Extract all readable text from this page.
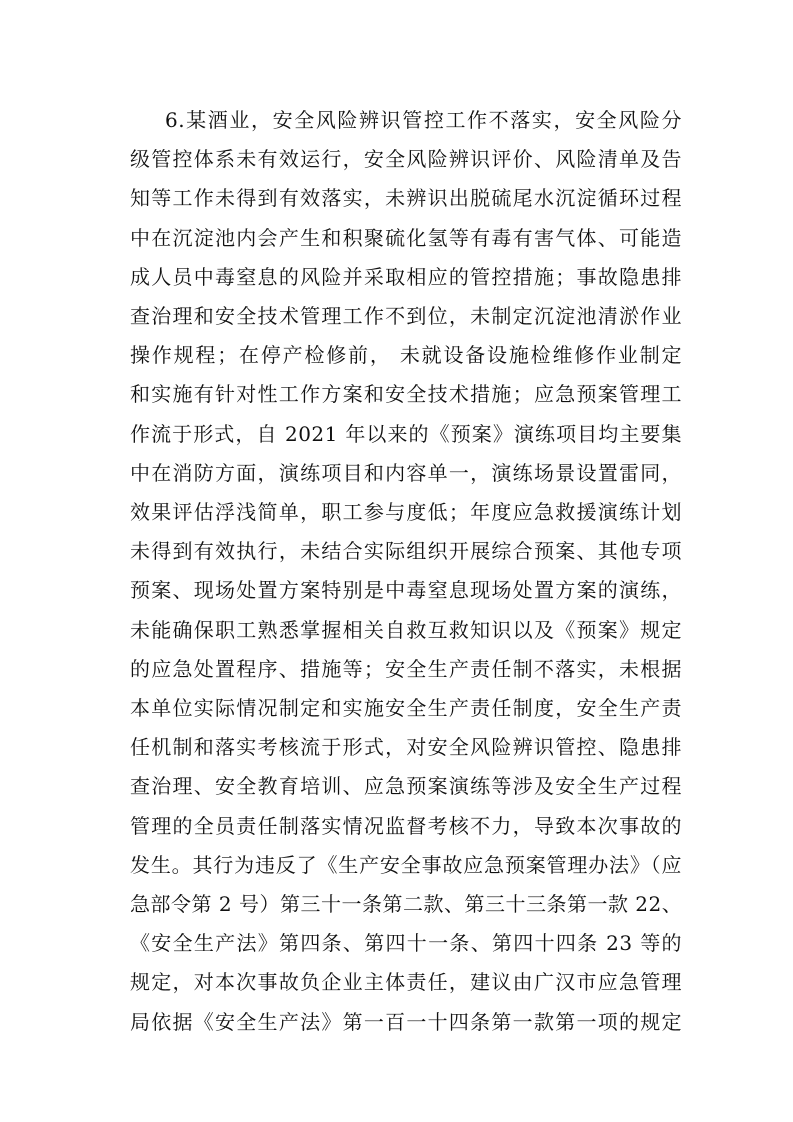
6.某酒业，安全风险辨识管控工作不落实，安全风险分
级管控体系未有效运行，安全风险辨识评价、风险清单及告
知等工作未得到有效落实，未辨识出脱硫尾水沉淀循环过程
中在沉淀池内会产生和积聚硫化氢等有毒有害气体、可能造
成人员中毒窒息的风险并采取相应的管控措施；事故隐患排
查治理和安全技术管理工作不到位，未制定沉淀池清淤作业
操作规程；在停产检修前， 未就设备设施检维修作业制定
和实施有针对性工作方案和安全技术措施；应急预案管理工
作流于形式，自 2021 年以来的《预案》演练项目均主要集
中在消防方面，演练项目和内容单一，演练场景设置雷同，
效果评估浮浅简单，职工参与度低；年度应急救援演练计划
未得到有效执行，未结合实际组织开展综合预案、其他专项
预案、现场处置方案特别是中毒窒息现场处置方案的演练，
未能确保职工熟悉掌握相关自救互救知识以及《预案》规定
的应急处置程序、措施等；安全生产责任制不落实，未根据
本单位实际情况制定和实施安全生产责任制度，安全生产责
任机制和落实考核流于形式，对安全风险辨识管控、隐患排
查治理、安全教育培训、应急预案演练等涉及安全生产过程
管理的全员责任制落实情况监督考核不力，导致本次事故的
发生。其行为违反了《生产安全事故应急预案管理办法》（应
急部令第 2 号）第三十一条第二款、第三十三条第一款 22、
《安全生产法》第四条、第四十一条、第四十四条 23 等的
规定，对本次事故负企业主体责任，建议由广汉市应急管理
局依据《安全生产法》第一百一十四条第一款第一项的规定
